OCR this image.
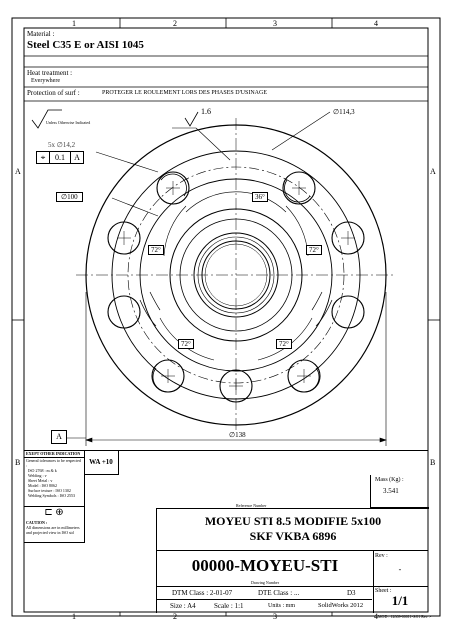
1	2	3	4
1	2	3	4
A	A
B	B
Material :
Steel C35 E or AISI 1045
Heat treatment :
Everywhere
Protection of surf :	PROTEGER LE ROULEMENT LORS DES PHASES D'USINAGE
Unless Otherwise Indicated
1.6	∅114,3
5x ∅14,2
⌖	0.1	A
∅100	36°
72°	72°
72°	72°
∅138
A
EXEPT OTHER INDICATION
General tolerances to be respected :
ISO 2768 : m & k
Welding : v
Sheet Metal : v
Model : ISO 8062
Surface texture : ISO 1302
Welding Symbols : ISO 2553
WA +10
⊏ ⊕
CAUTION :
All dimensions are in millimeters and projected view in ISO std
Mass (Kg) :
3.541
Reference Number
MOYEU STI 8.5 MODIFIE 5x100
SKF VKBA 6896
00000-MOYEU-STI
Drawing Number
Rev :
-
DTM Class : 2-01-07	DTE Class : ...	D3
Size : A4	Scale : 1:1	Units : mm	SolidWorks 2012
Sheet :
1/1
MOD : 12869-00011-S/01 Rev :-
